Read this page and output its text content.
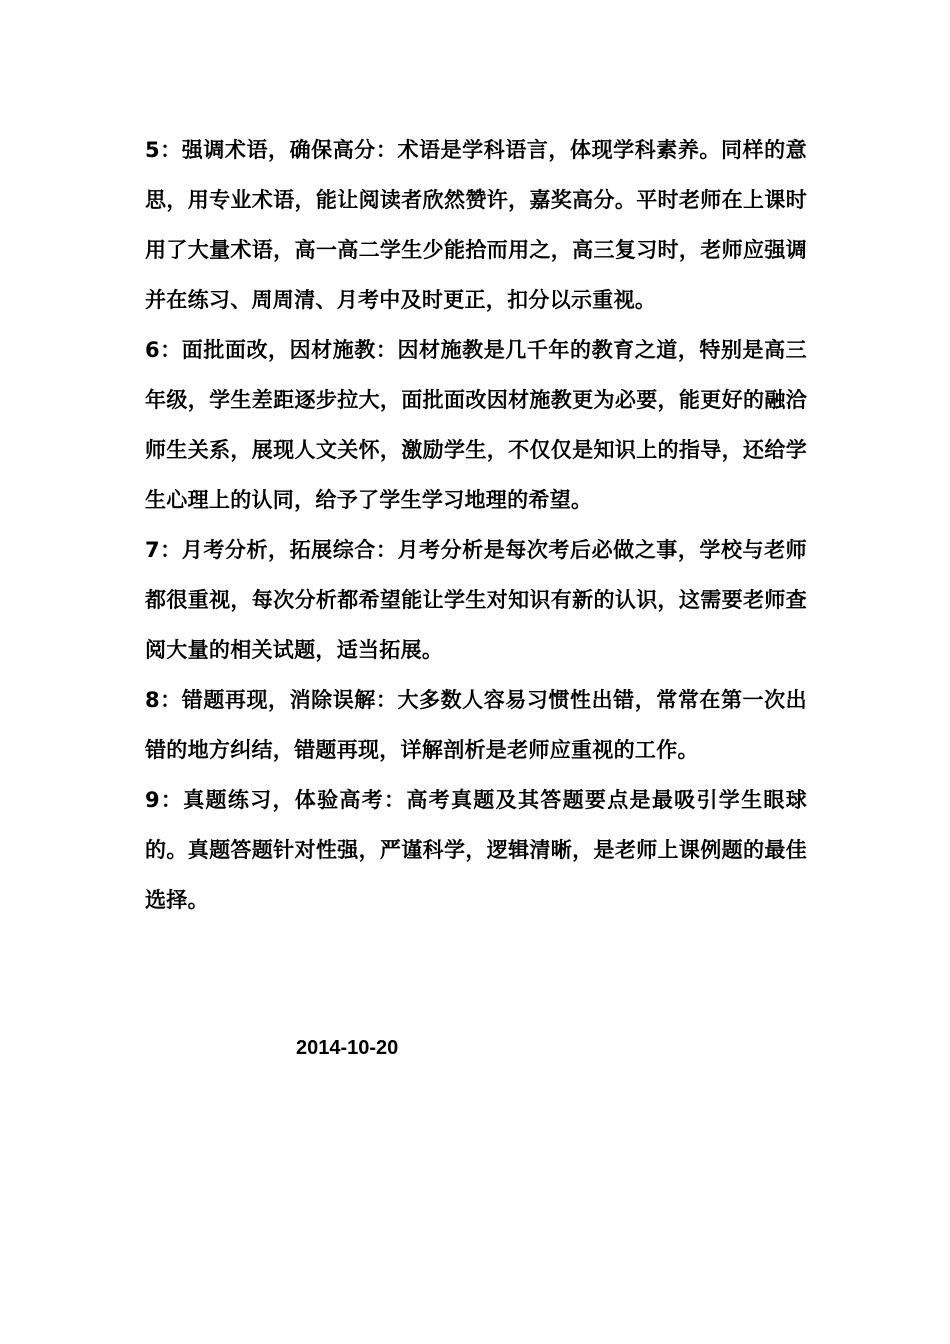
5：强调术语，确保高分：术语是学科语言，体现学科素养。同样的意思，用专业术语，能让阅读者欣然赞许，嘉奖高分。平时老师在上课时用了大量术语，高一高二学生少能拾而用之，高三复习时，老师应强调并在练习、周周清、月考中及时更正，扣分以示重视。

6：面批面改，因材施教：因材施教是几千年的教育之道，特别是高三年级，学生差距逐步拉大，面批面改因材施教更为必要，能更好的融洽师生关系，展现人文关怀，激励学生，不仅仅是知识上的指导，还给学生心理上的认同，给予了学生学习地理的希望。

7：月考分析，拓展综合：月考分析是每次考后必做之事，学校与老师都很重视，每次分析都希望能让学生对知识有新的认识，这需要老师查阅大量的相关试题，适当拓展。

8：错题再现，消除误解：大多数人容易习惯性出错，常常在第一次出错的地方纠结，错题再现，详解剖析是老师应重视的工作。

9：真题练习，体验高考：高考真题及其答题要点是最吸引学生眼球的。真题答题针对性强，严谨科学，逻辑清晰，是老师上课例题的最佳选择。

2014-10-20
